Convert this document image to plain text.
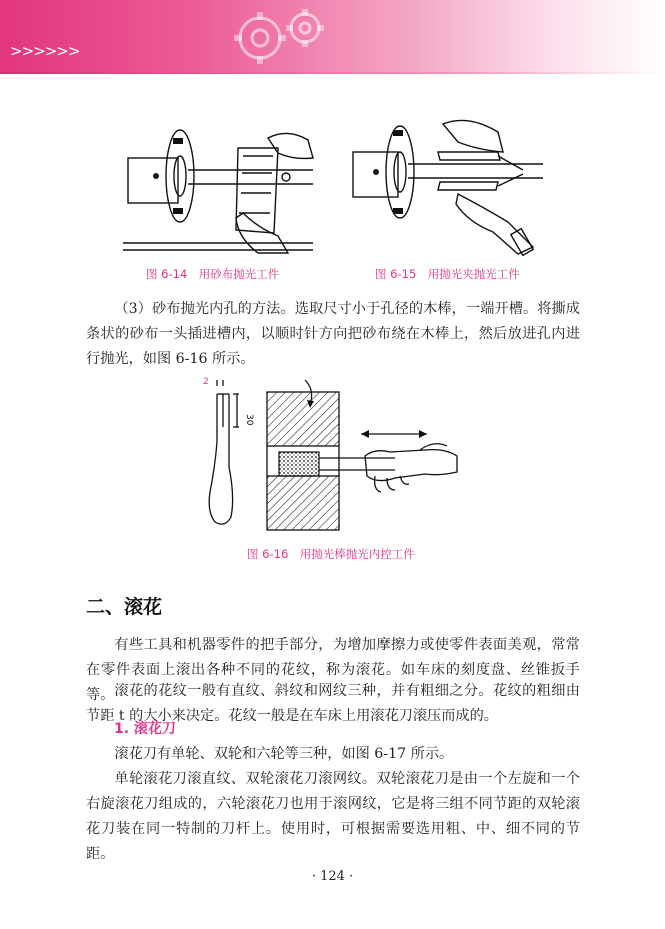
>>>>>>
图 6-14　用砂布抛光工件	图 6-15　用抛光夹抛光工件
（3）砂布抛光内孔的方法。选取尺寸小于孔径的木棒，一端开槽。将撕成条状的砂布一头插进槽内，以顺时针方向把砂布绕在木棒上，然后放进孔内进行抛光，如图 6-16 所示。
2
30
图 6-16　用抛光棒抛光内控工件
二、滚花
有些工具和机器零件的把手部分，为增加摩擦力或使零件表面美观，常常在零件表面上滚出各种不同的花纹，称为滚花。如车床的刻度盘、丝锥扳手等。 滚花的花纹一般有直纹、斜纹和网纹三种，并有粗细之分。花纹的粗细由节距 t 的大小来决定。花纹一般是在车床上用滚花刀滚压而成的。
1. 滚花刀
滚花刀有单轮、双轮和六轮等三种，如图 6-17 所示。
单轮滚花刀滚直纹、双轮滚花刀滚网纹。双轮滚花刀是由一个左旋和一个右旋滚花刀组成的，六轮滚花刀也用于滚网纹，它是将三组不同节距的双轮滚花刀装在同一特制的刀杆上。使用时，可根据需要选用粗、中、细不同的节距。
· 124 ·
